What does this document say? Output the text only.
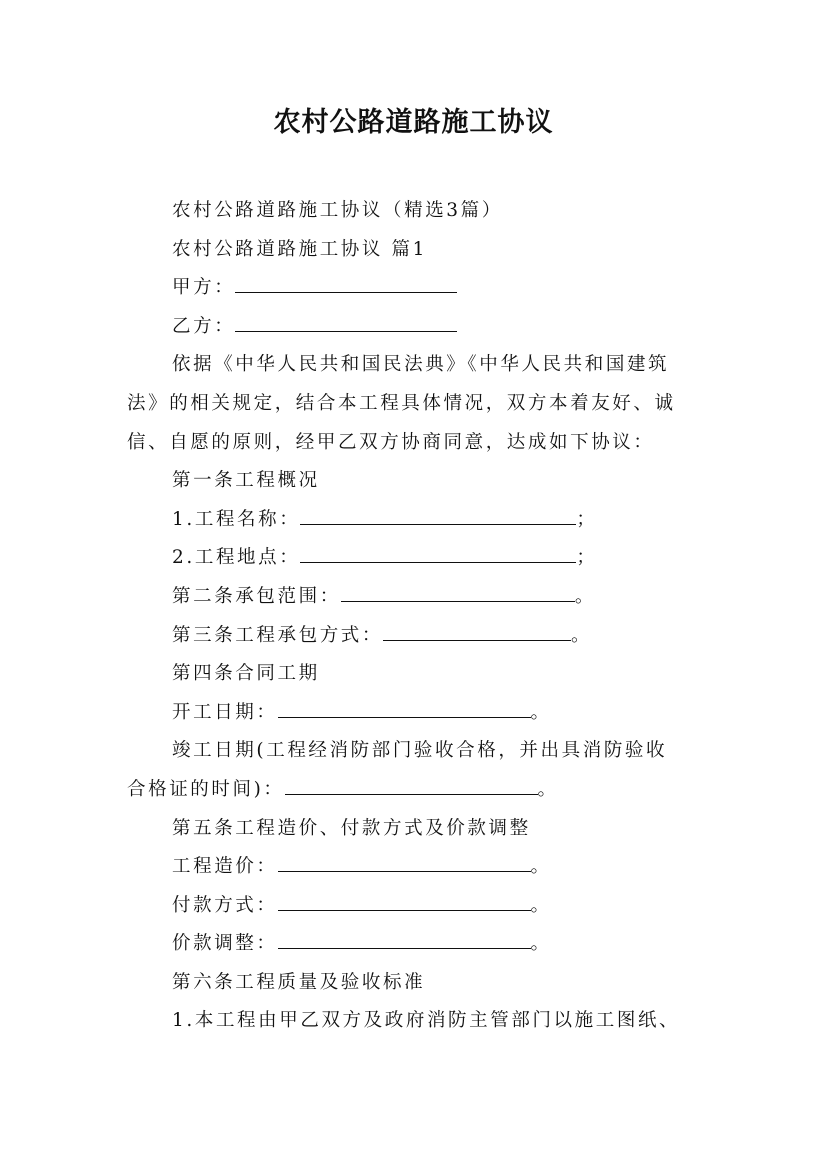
农村公路道路施工协议
农村公路道路施工协议（精选3篇）
农村公路道路施工协议 篇1
甲方：
乙方：
依据《中华人民共和国民法典》《中华人民共和国建筑
法》的相关规定，结合本工程具体情况，双方本着友好、诚
信、自愿的原则，经甲乙双方协商同意，达成如下协议：
第一条工程概况
1.工程名称：	；
2.工程地点：	；
第二条承包范围：	。
第三条工程承包方式：	。
第四条合同工期
开工日期：	。
竣工日期(工程经消防部门验收合格，并出具消防验收
合格证的时间)：	。
第五条工程造价、付款方式及价款调整
工程造价：	。
付款方式：	。
价款调整：	。
第六条工程质量及验收标准
1.本工程由甲乙双方及政府消防主管部门以施工图纸、
